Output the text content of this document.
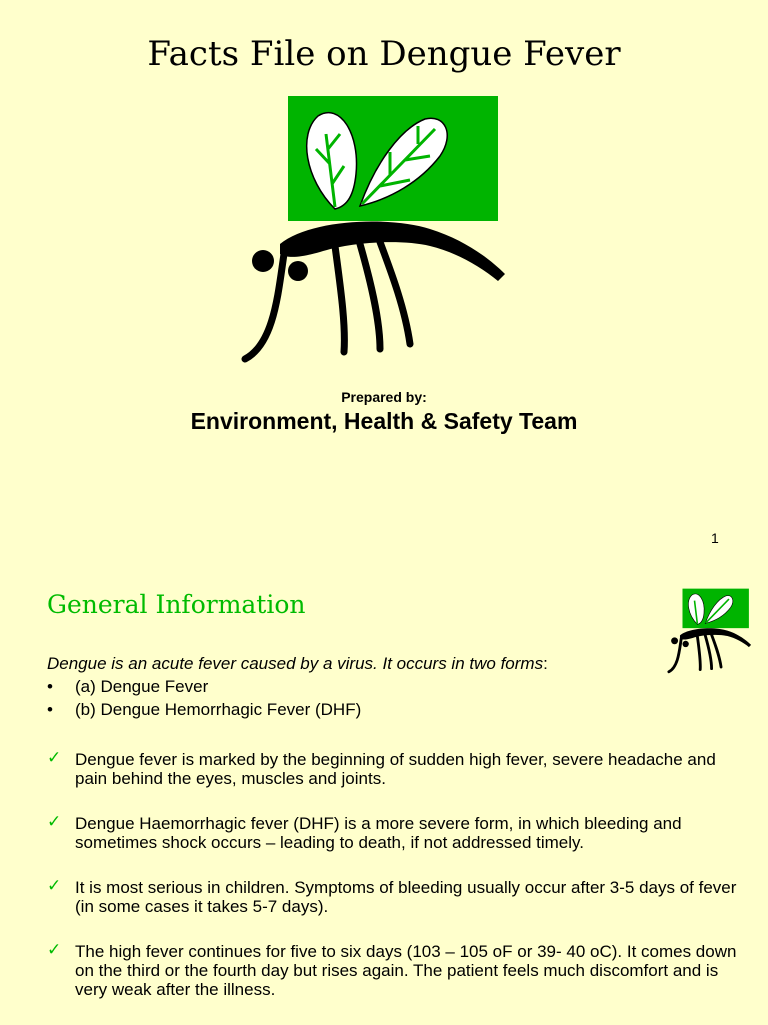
Facts File on Dengue Fever
Prepared by:
Environment, Health & Safety Team
1
General Information
Dengue is an acute fever caused by a virus. It occurs in two forms:
•	(a) Dengue Fever
•	(b) Dengue Hemorrhagic Fever (DHF)
✓ Dengue fever is marked by the beginning of sudden high fever, severe headache and pain behind the eyes, muscles and joints.
✓ Dengue Haemorrhagic fever (DHF) is a more severe form, in which bleeding and sometimes shock occurs – leading to death, if not addressed timely.
✓ It is most serious in children. Symptoms of bleeding usually occur after 3-5 days of fever (in some cases it takes 5-7 days).
✓ The high fever continues for five to six days (103 – 105 oF or 39- 40 oC). It comes down on the third or the fourth day but rises again. The patient feels much discomfort and is very weak after the illness.
